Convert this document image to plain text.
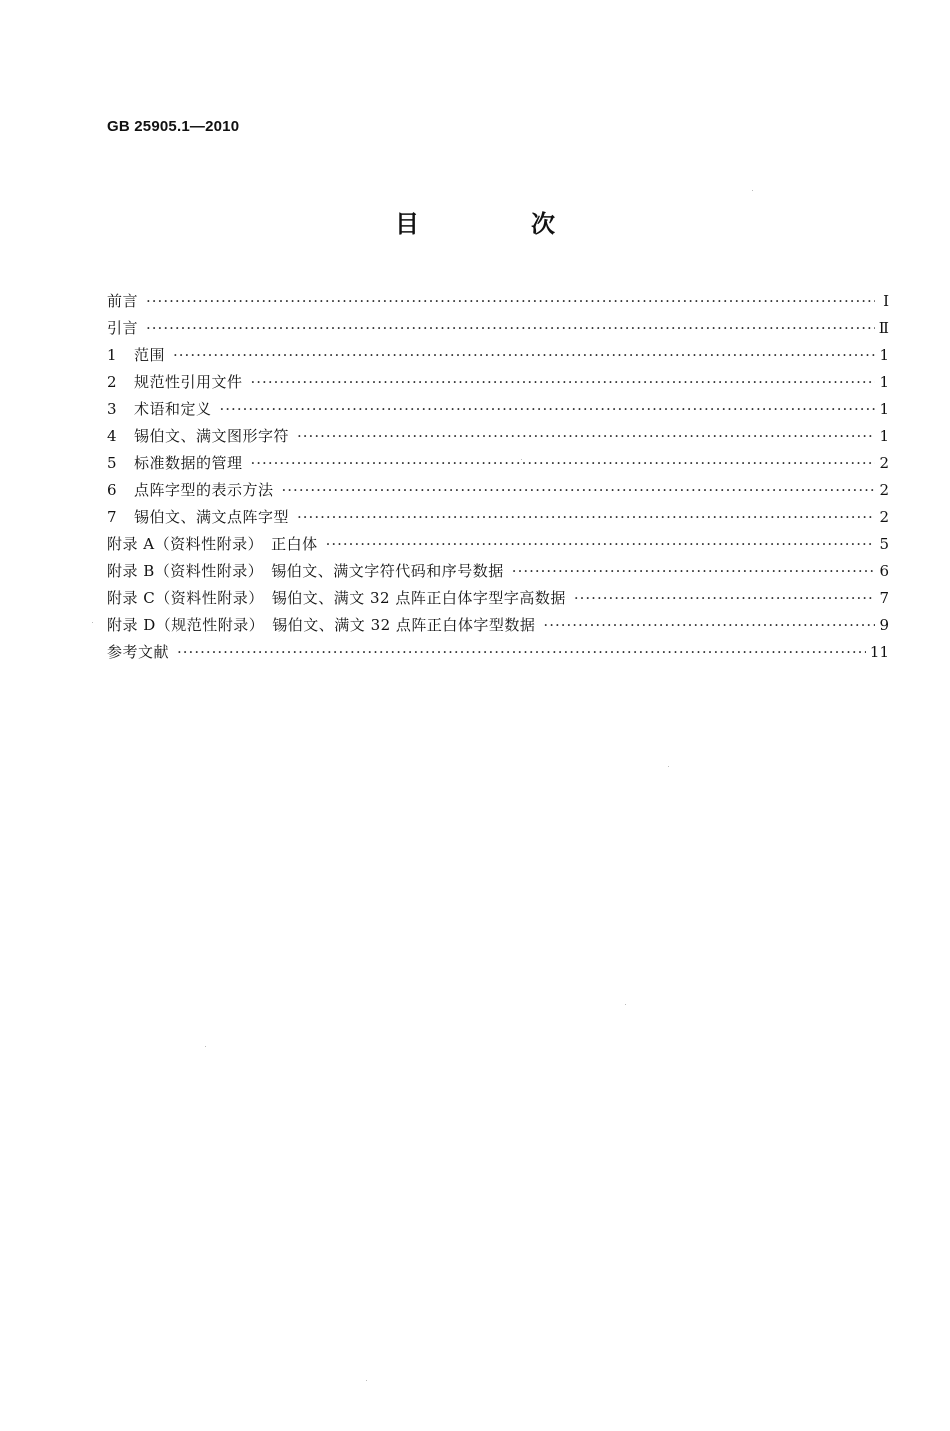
GB 25905.1—2010
目　次
前言 ·····	Ⅰ
引言 ·····	Ⅱ
1	范围 ·····	1
2	规范性引用文件 ·····	1
3	术语和定义 ·····	1
4	锡伯文、满文图形字符 ·····	1
5	标准数据的管理 ·····	2
6	点阵字型的表示方法 ·····	2
7	锡伯文、满文点阵字型 ·····	2
附录 A（资料性附录）　正白体 ·····	5
附录 B（资料性附录）　锡伯文、满文字符代码和序号数据 ·····	6
附录 C（资料性附录）　锡伯文、满文 32 点阵正白体字型字高数据 ·····	7
附录 D（规范性附录）　锡伯文、满文 32 点阵正白体字型数据 ·····	9
参考文献 ·····	11
